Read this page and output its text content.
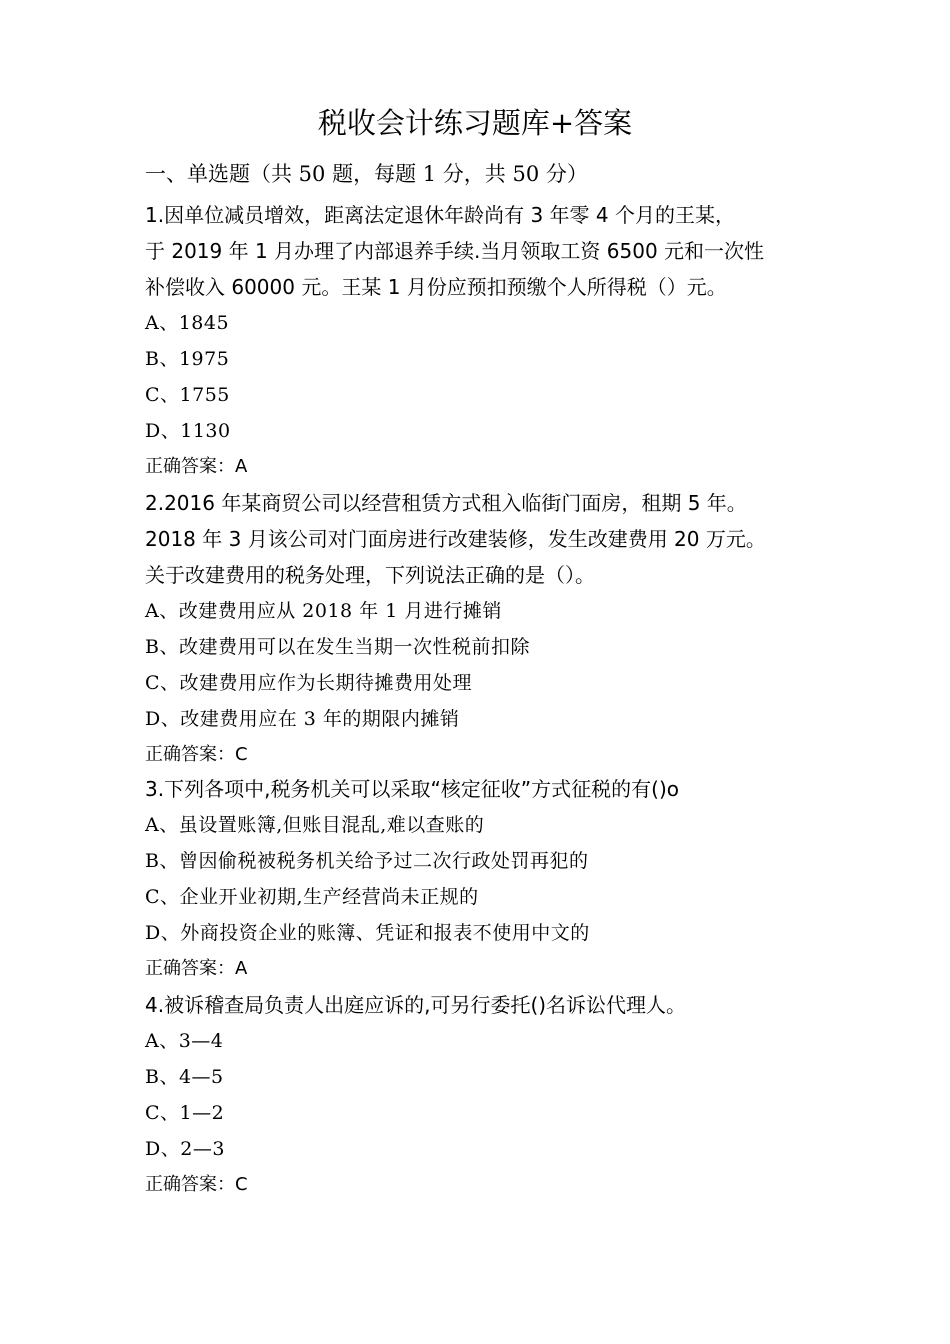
税收会计练习题库+答案
一、单选题（共 50 题，每题 1 分，共 50 分）
1.因单位减员增效，距离法定退休年龄尚有 3 年零 4 个月的王某，
于 2019 年 1 月办理了内部退养手续.当月领取工资 6500 元和一次性
补偿收入 60000 元。王某 1 月份应预扣预缴个人所得税（）元。
A、1845
B、1975
C、1755
D、1130
正确答案：A
2.2016 年某商贸公司以经营租赁方式租入临街门面房，租期 5 年。
2018 年 3 月该公司对门面房进行改建装修，发生改建费用 20 万元。
关于改建费用的税务处理，下列说法正确的是（）。
A、改建费用应从 2018 年 1 月进行摊销
B、改建费用可以在发生当期一次性税前扣除
C、改建费用应作为长期待摊费用处理
D、改建费用应在 3 年的期限内摊销
正确答案：C
3.下列各项中,税务机关可以采取“核定征收”方式征税的有()o
A、虽设置账簿,但账目混乱,难以查账的
B、曾因偷税被税务机关给予过二次行政处罚再犯的
C、企业开业初期,生产经营尚未正规的
D、外商投资企业的账簿、凭证和报表不使用中文的
正确答案：A
4.被诉稽查局负责人出庭应诉的,可另行委托()名诉讼代理人。
A、3—4
B、4—5
C、1—2
D、2—3
正确答案：C
